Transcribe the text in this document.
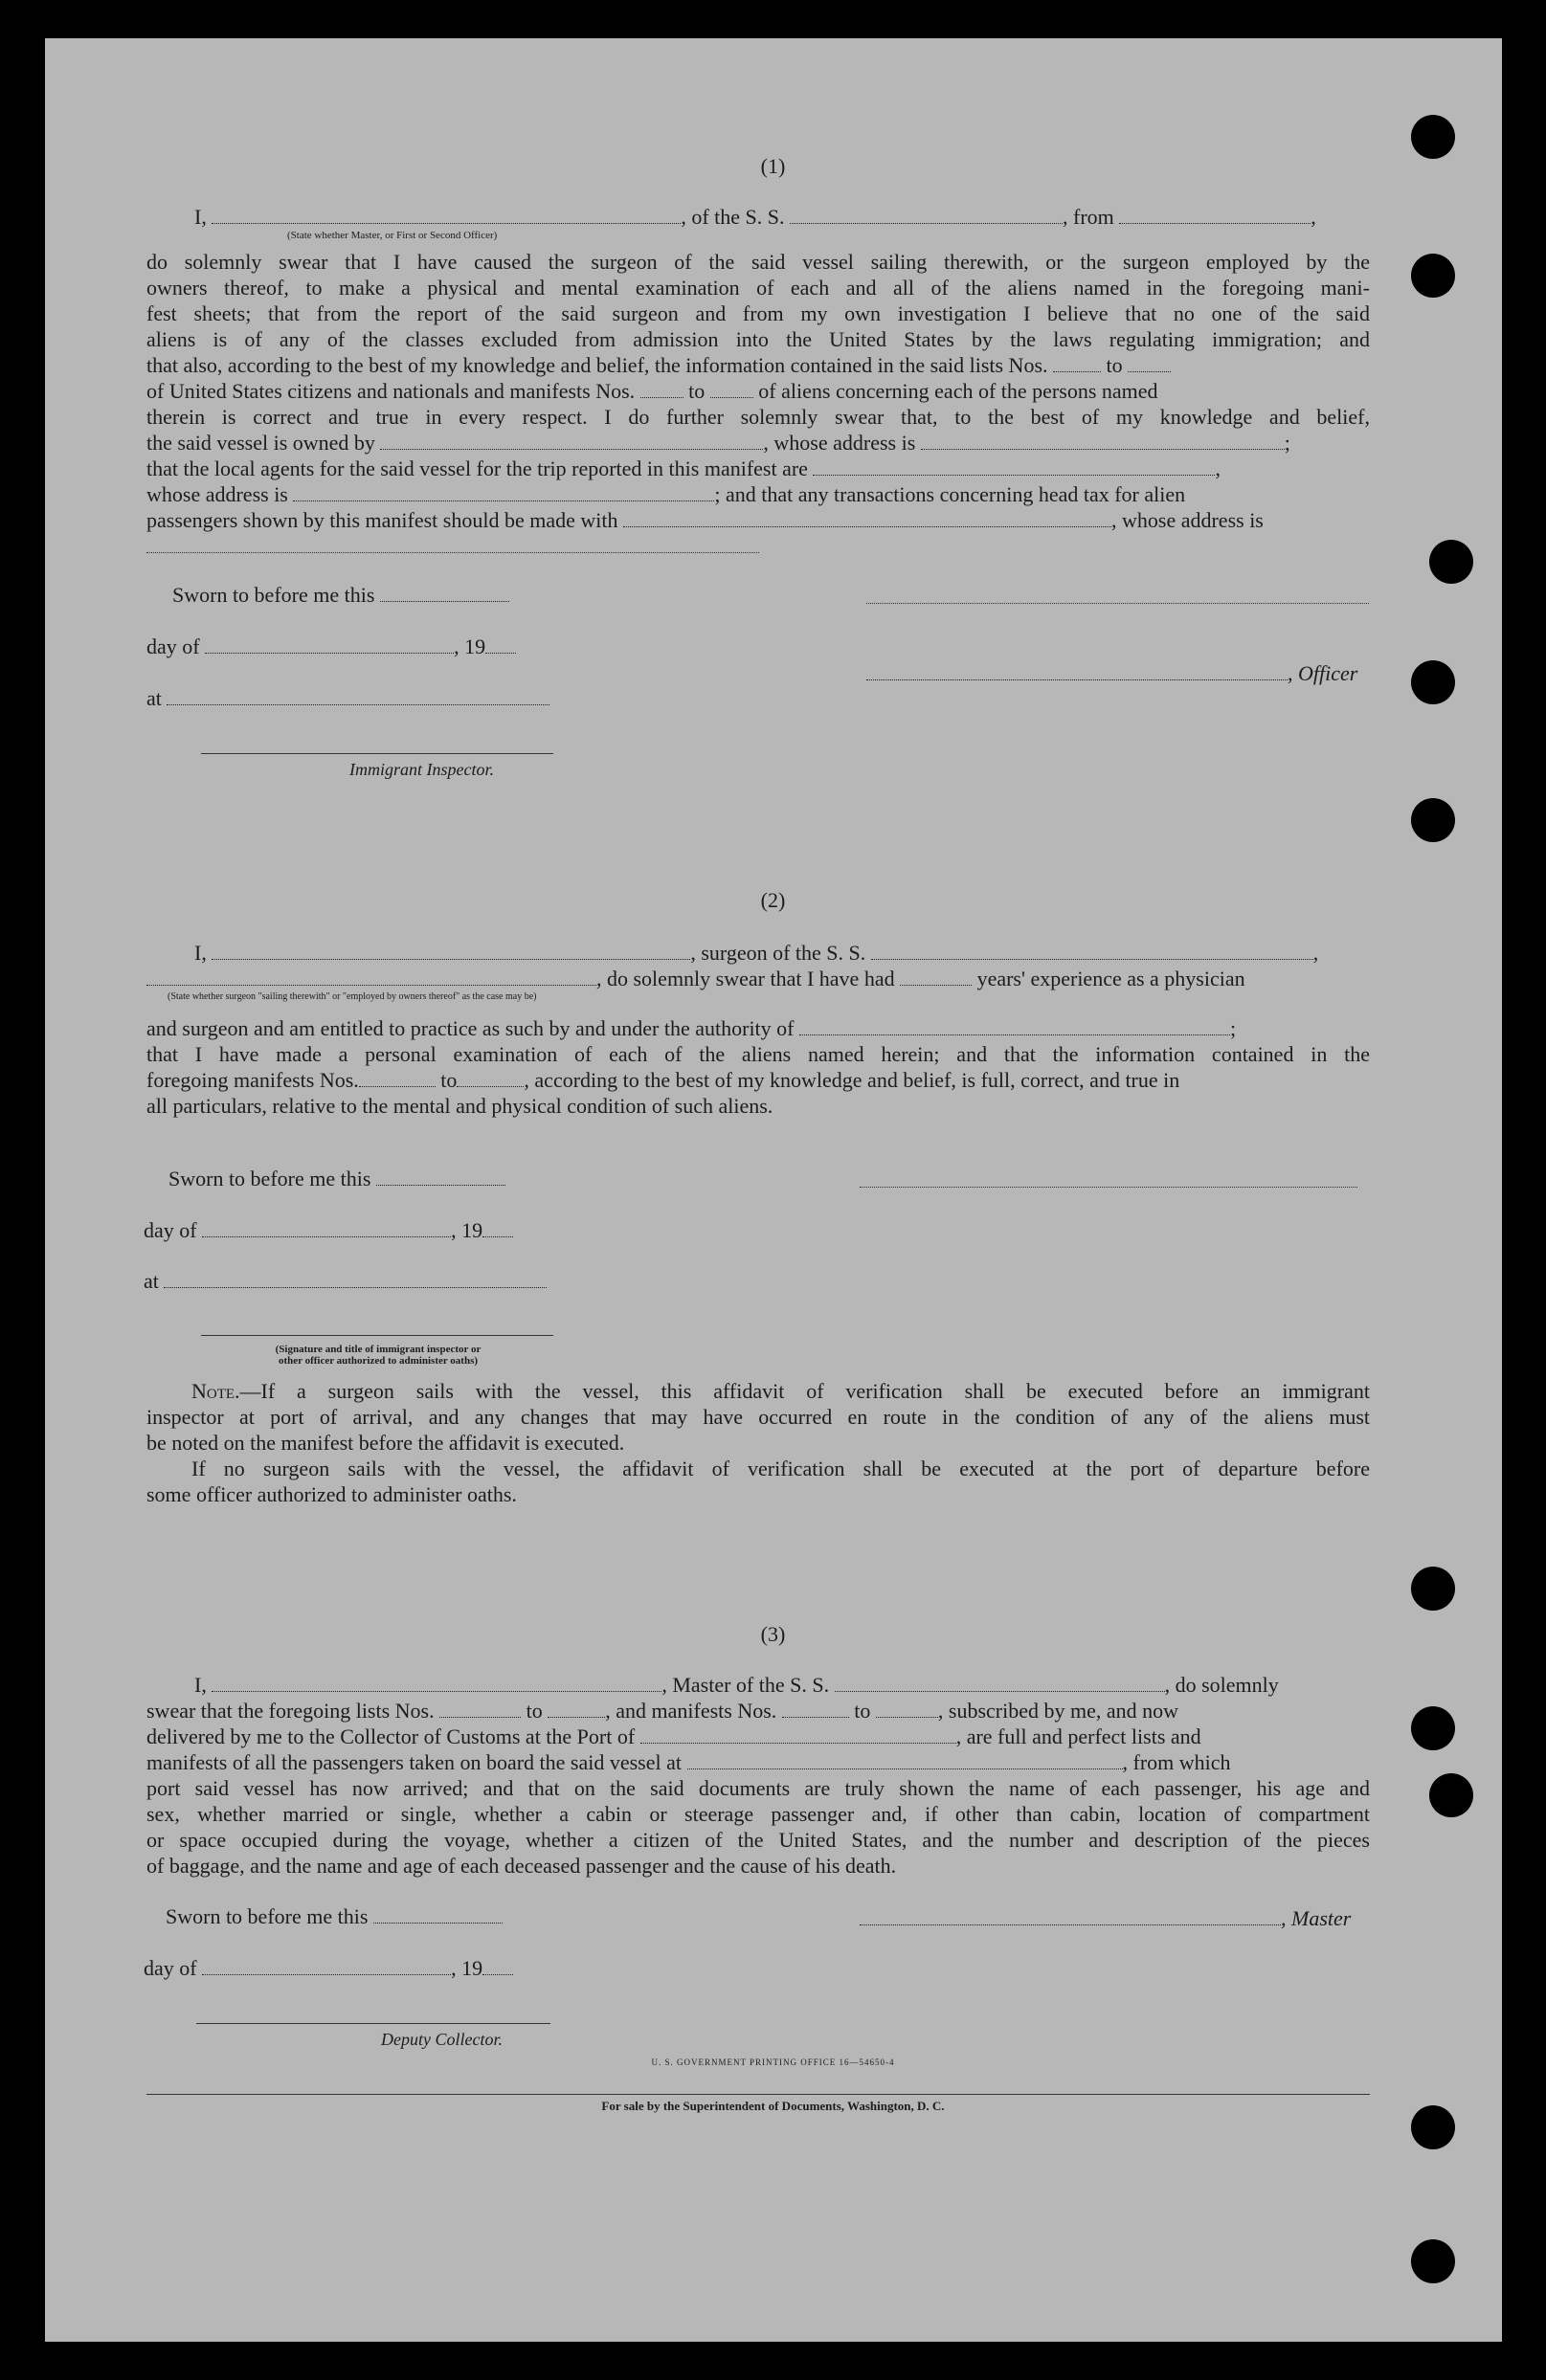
(1)
I,	, of the S. S.	, from	,
(State whether Master, or First or Second Officer)
do solemnly swear that I have caused the surgeon of the said vessel sailing therewith, or the surgeon employed by the
owners thereof, to make a physical and mental examination of each and all of the aliens named in the foregoing mani-
fest sheets; that from the report of the said surgeon and from my own investigation I believe that no one of the said
aliens is of any of the classes excluded from admission into the United States by the laws regulating immigration; and
that also, according to the best of my knowledge and belief, the information contained in the said lists Nos.	to
of United States citizens and nationals and manifests Nos.	to	of aliens concerning each of the persons named
therein is correct and true in every respect. I do further solemnly swear that, to the best of my knowledge and belief,
the said vessel is owned by	, whose address is	;
that the local agents for the said vessel for the trip reported in this manifest are	,
whose address is	; and that any transactions concerning head tax for alien
passengers shown by this manifest should be made with	, whose address is
Sworn to before me this
day of	, 19
, Officer
at
Immigrant Inspector.
(2)
I,	, surgeon of the S. S.	,
, do solemnly swear that I have had	years' experience as a physician
(State whether surgeon "sailing therewith" or "employed by owners thereof" as the case may be)
and surgeon and am entitled to practice as such by and under the authority of	;
that I have made a personal examination of each of the aliens named herein; and that the information contained in the
foregoing manifests Nos.	to	, according to the best of my knowledge and belief, is full, correct, and true in
all particulars, relative to the mental and physical condition of such aliens.
Sworn to before me this
day of	, 19
at
(Signature and title of immigrant inspector or
other officer authorized to administer oaths)
Note.—If a surgeon sails with the vessel, this affidavit of verification shall be executed before an immigrant
inspector at port of arrival, and any changes that may have occurred en route in the condition of any of the aliens must
be noted on the manifest before the affidavit is executed.
If no surgeon sails with the vessel, the affidavit of verification shall be executed at the port of departure before
some officer authorized to administer oaths.
(3)
I,	, Master of the S. S.	, do solemnly
swear that the foregoing lists Nos.	to	, and manifests Nos.	to	, subscribed by me, and now
delivered by me to the Collector of Customs at the Port of	, are full and perfect lists and
manifests of all the passengers taken on board the said vessel at	, from which
port said vessel has now arrived; and that on the said documents are truly shown the name of each passenger, his age and
sex, whether married or single, whether a cabin or steerage passenger and, if other than cabin, location of compartment
or space occupied during the voyage, whether a citizen of the United States, and the number and description of the pieces
of baggage, and the name and age of each deceased passenger and the cause of his death.
Sworn to before me this	, Master
day of	, 19
Deputy Collector.
U. S. GOVERNMENT PRINTING OFFICE 16—54650-4
For sale by the Superintendent of Documents, Washington, D. C.
